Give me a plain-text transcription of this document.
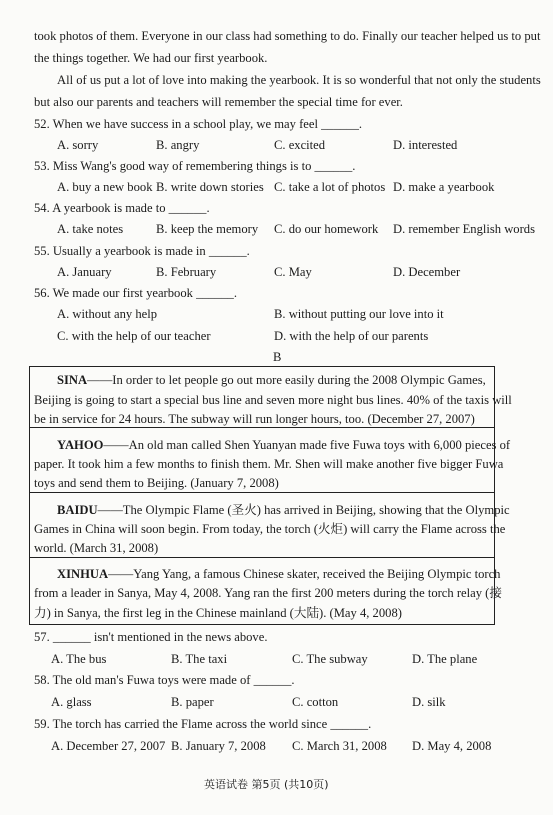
took photos of them. Everyone in our class had something to do. Finally our teacher helped us to put
the things together. We had our first yearbook.
All of us put a lot of love into making the yearbook. It is so wonderful that not only the students
but also our parents and teachers will remember the special time for ever.
52. When we have success in a school play, we may feel ______.
A. sorry	B. angry	C. excited	D. interested
53. Miss Wang's good way of remembering things is to ______.
A. buy a new book B. write down stories C. take a lot of photos D. make a yearbook
54. A yearbook is made to ______.
A. take notes	B. keep the memory C. do our homework D. remember English words
55. Usually a yearbook is made in ______.
A. January	B. February	C. May	D. December
56. We made our first yearbook ______.
A. without any help	B. without putting our love into it
C. with the help of our teacher	D. with the help of our parents
B
SINA——In order to let people go out more easily during the 2008 Olympic Games,
Beijing is going to start a special bus line and seven more night bus lines. 40% of the taxis will
be in service for 24 hours. The subway will run longer hours, too. (December 27, 2007)
YAHOO——An old man called Shen Yuanyan made five Fuwa toys with 6,000 pieces of
paper. It took him a few months to finish them. Mr. Shen will make another five bigger Fuwa
toys and send them to Beijing. (January 7, 2008)
BAIDU——The Olympic Flame (圣火) has arrived in Beijing, showing that the Olympic
Games in China will soon begin. From today, the torch (火炬) will carry the Flame across the
world. (March 31, 2008)
XINHUA——Yang Yang, a famous Chinese skater, received the Beijing Olympic torch
from a leader in Sanya, May 4, 2008. Yang ran the first 200 meters during the torch relay (接
力) in Sanya, the first leg in the Chinese mainland (大陆). (May 4, 2008)
57. ______ isn't mentioned in the news above.
A. The bus	B. The taxi	C. The subway	D. The plane
58. The old man's Fuwa toys were made of ______.
A. glass	B. paper	C. cotton	D. silk
59. The torch has carried the Flame across the world since ______.
A. December 27, 2007 B. January 7, 2008 C. March 31, 2008 D. May 4, 2008
英语试卷 第5页 (共10页)
